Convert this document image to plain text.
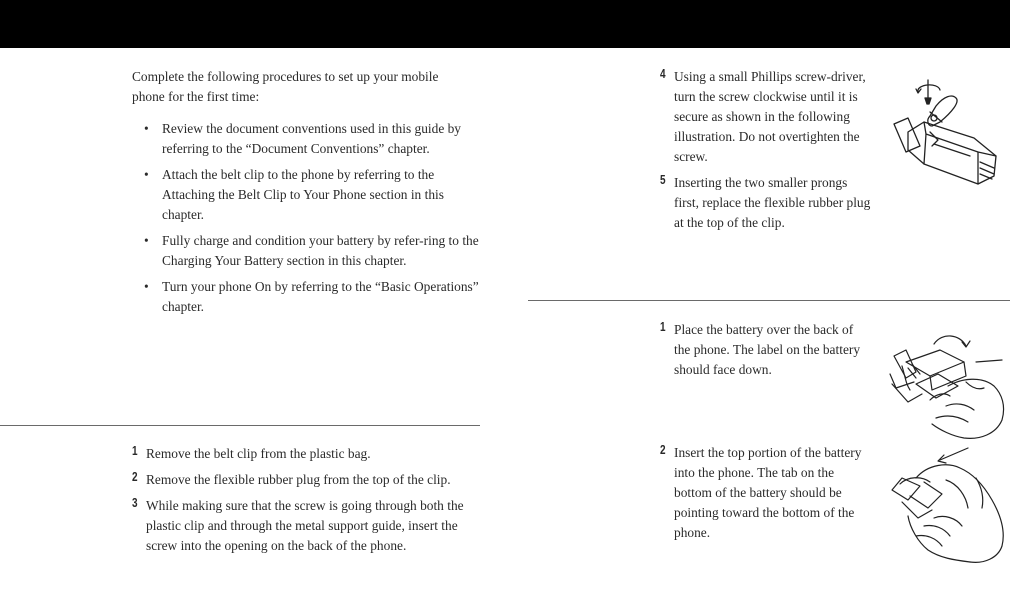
Complete the following procedures to set up your mobile phone for the first time:

• Review the document conventions used in this guide by referring to the “Document Conventions” chapter.
• Attach the belt clip to the phone by referring to the Attaching the Belt Clip to Your Phone section in this chapter.
• Fully charge and condition your battery by refer-ring to the Charging Your Battery section in this chapter.
• Turn your phone On by referring to the “Basic Operations” chapter.
1 Remove the belt clip from the plastic bag.
2 Remove the flexible rubber plug from the top of the clip.
3 While making sure that the screw is going through both the plastic clip and through the metal support guide, insert the screw into the opening on the back of the phone.
4 Using a small Phillips screw-driver, turn the screw clockwise until it is secure as shown in the following illustration. Do not overtighten the screw.
5 Inserting the two smaller prongs first, replace the flexible rubber plug at the top of the clip.
1 Place the battery over the back of the phone. The label on the battery should face down.
2 Insert the top portion of the battery into the phone. The tab on the bottom of the battery should be pointing toward the bottom of the phone.
